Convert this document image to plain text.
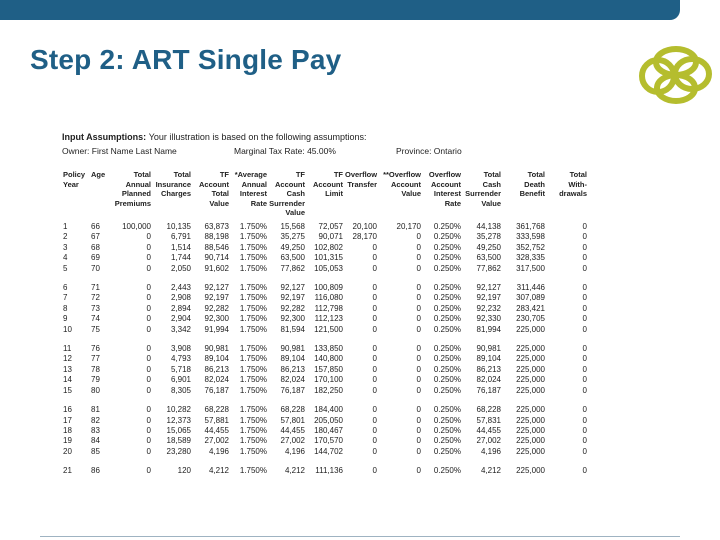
Step 2: ART Single Pay
Input Assumptions: Your illustration is based on the following assumptions:
Owner: First Name Last Name	Marginal Tax Rate: 45.00%	Province: Ontario
Policy
Year	Age	Total
Annual
Planned
Premiums	Total
Insurance
Charges	TF
Account
Total
Value	*Average
Annual
Interest
Rate	TF
Account
Cash
Surrender
Value	TF
Account
Limit	Overflow
Transfer	**Overflow
Account
Value	Overflow
Account
Interest
Rate	Total
Cash
Surrender
Value	Total
Death
Benefit	Total
With-
drawals
1	66	100,000	10,135	63,873	1.750%	15,568	72,057	20,100	20,170	0.250%	44,138	361,768	0
2	67	0	6,791	88,198	1.750%	35,275	90,071	28,170	0	0.250%	35,278	333,598	0
3	68	0	1,514	88,546	1.750%	49,250	102,802	0	0	0.250%	49,250	352,752	0
4	69	0	1,744	90,714	1.750%	63,500	101,315	0	0	0.250%	63,500	328,335	0
5	70	0	2,050	91,602	1.750%	77,862	105,053	0	0	0.250%	77,862	317,500	0

6	71	0	2,443	92,127	1.750%	92,127	100,809	0	0	0.250%	92,127	311,446	0
7	72	0	2,908	92,197	1.750%	92,197	116,080	0	0	0.250%	92,197	307,089	0
8	73	0	2,894	92,282	1.750%	92,282	112,798	0	0	0.250%	92,232	283,421	0
9	74	0	2,904	92,300	1.750%	92,300	112,123	0	0	0.250%	92,330	230,705	0
10	75	0	3,342	91,994	1.750%	81,594	121,500	0	0	0.250%	81,994	225,000	0

11	76	0	3,908	90,981	1.750%	90,981	133,850	0	0	0.250%	90,981	225,000	0
12	77	0	4,793	89,104	1.750%	89,104	140,800	0	0	0.250%	89,104	225,000	0
13	78	0	5,718	86,213	1.750%	86,213	157,850	0	0	0.250%	86,213	225,000	0
14	79	0	6,901	82,024	1.750%	82,024	170,100	0	0	0.250%	82,024	225,000	0
15	80	0	8,305	76,187	1.750%	76,187	182,250	0	0	0.250%	76,187	225,000	0

16	81	0	10,282	68,228	1.750%	68,228	184,400	0	0	0.250%	68,228	225,000	0
17	82	0	12,373	57,881	1.750%	57,801	205,050	0	0	0.250%	57,831	225,000	0
18	83	0	15,065	44,455	1.750%	44,455	180,467	0	0	0.250%	44,455	225,000	0
19	84	0	18,589	27,002	1.750%	27,002	170,570	0	0	0.250%	27,002	225,000	0
20	85	0	23,280	4,196	1.750%	4,196	144,702	0	0	0.250%	4,196	225,000	0

21	86	0	120	4,212	1.750%	4,212	111,136	0	0	0.250%	4,212	225,000	0
